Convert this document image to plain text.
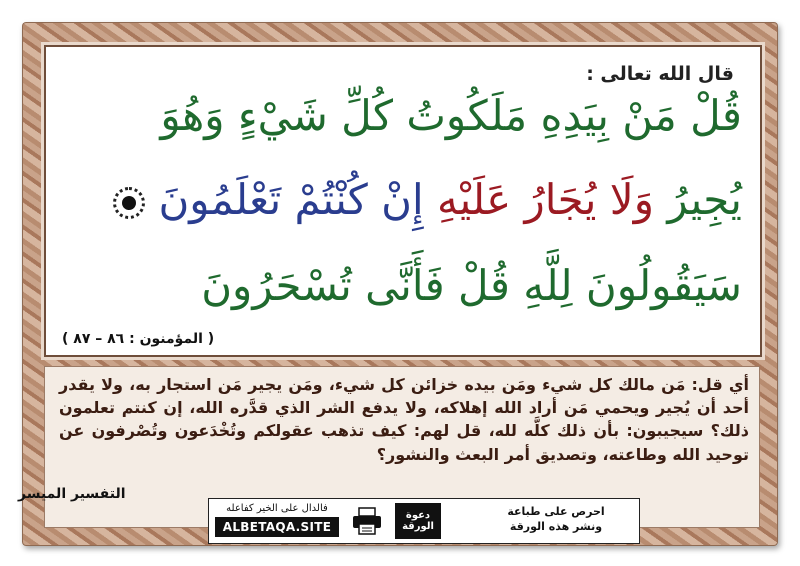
قال الله تعالى :
قُلْ مَنْ بِيَدِهِ مَلَكُوتُ كُلِّ شَيْءٍ وَهُوَ
يُجِيرُ وَلَا يُجَارُ عَلَيْهِ إِنْ كُنْتُمْ تَعْلَمُونَ
سَيَقُولُونَ لِلَّهِ قُلْ فَأَنَّى تُسْحَرُونَ
( المؤمنون : ٨٦ – ٨٧ )
أي قل: مَن مالك كل شيء ومَن بيده خزائن كل شيء، ومَن يجير مَن استجار به، ولا يقدر أحد أن يُجير ويحمي مَن أراد الله إهلاكه، ولا يدفع الشر الذي قدَّره الله، إن كنتم تعلمون ذلك؟ سيجيبون: بأن ذلك كلَّه لله، قل لهم: كيف تذهب عقولكم وتُخْدَعون وتُصْرفون عن توحيد الله وطاعته، وتصديق أمر البعث والنشور؟
التفسير الميسر
فالدال على الخير كفاعله
ALBETAQA.SITE
دعوة الورقة
احرص على طباعة
ونشر هذه الورقة
